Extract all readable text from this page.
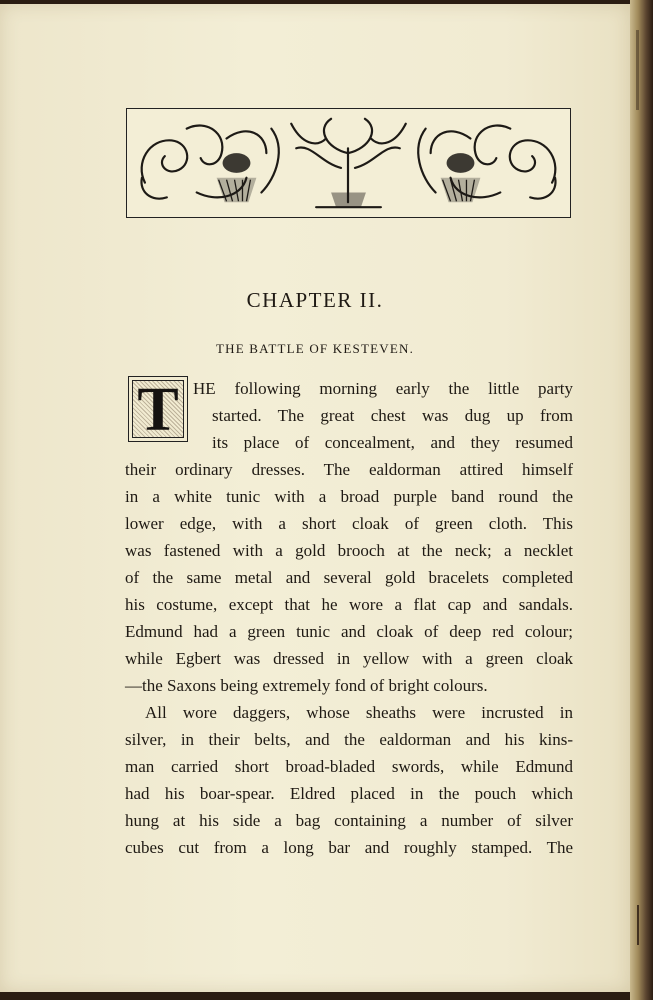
CHAPTER II.
THE BATTLE OF KESTEVEN.
T HE following morning early the little party
started. The great chest was dug up from
its place of concealment, and they resumed
their ordinary dresses. The ealdorman attired himself
in a white tunic with a broad purple band round the
lower edge, with a short cloak of green cloth. This
was fastened with a gold brooch at the neck; a necklet
of the same metal and several gold bracelets completed
his costume, except that he wore a flat cap and sandals.
Edmund had a green tunic and cloak of deep red colour;
while Egbert was dressed in yellow with a green cloak
—the Saxons being extremely fond of bright colours.
All wore daggers, whose sheaths were incrusted in
silver, in their belts, and the ealdorman and his kins-
man carried short broad-bladed swords, while Edmund
had his boar-spear. Eldred placed in the pouch which
hung at his side a bag containing a number of silver
cubes cut from a long bar and roughly stamped. The
